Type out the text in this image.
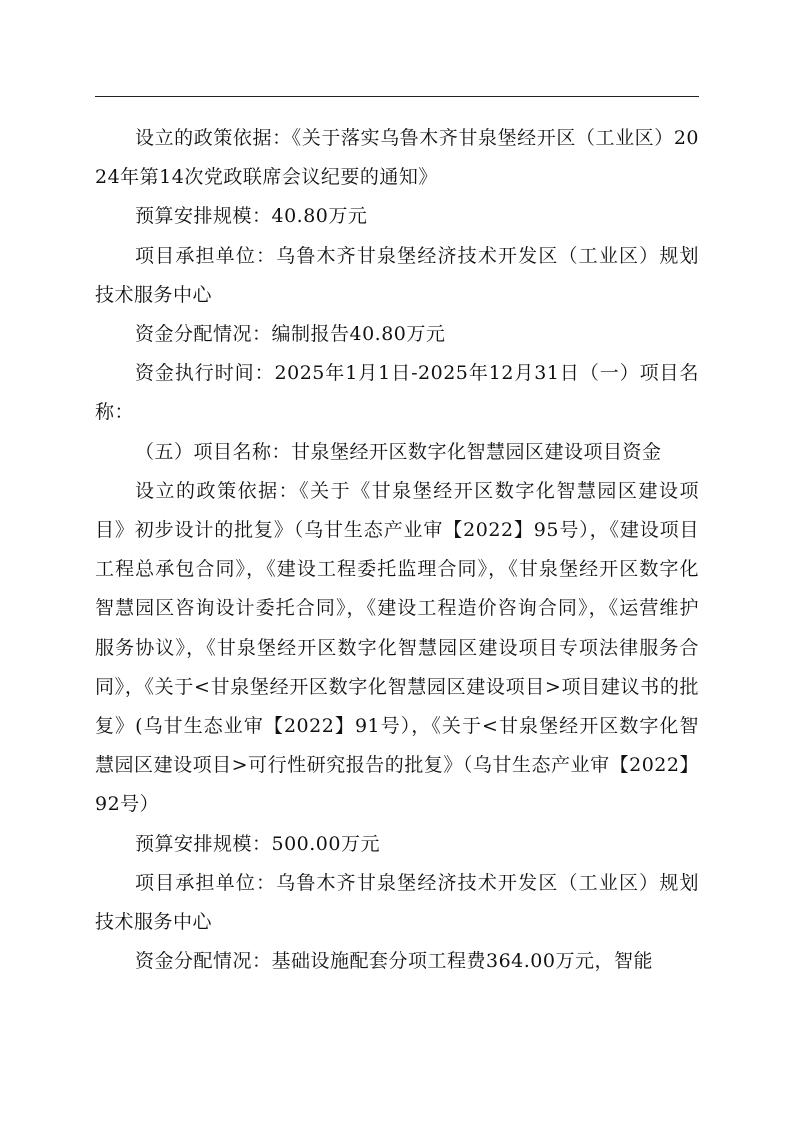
设立的政策依据：《关于落实乌鲁木齐甘泉堡经开区（工业区）2024年第14次党政联席会议纪要的通知》

预算安排规模：40.80万元

项目承担单位：乌鲁木齐甘泉堡经济技术开发区（工业区）规划技术服务中心

资金分配情况：编制报告40.80万元

资金执行时间：2025年1月1日-2025年12月31日（一）项目名称：

（五）项目名称：甘泉堡经开区数字化智慧园区建设项目资金

设立的政策依据：《关于《甘泉堡经开区数字化智慧园区建设项目》初步设计的批复》（乌甘生态产业审【2022】95号），《建设项目工程总承包合同》，《建设工程委托监理合同》，《甘泉堡经开区数字化智慧园区咨询设计委托合同》，《建设工程造价咨询合同》，《运营维护服务协议》，《甘泉堡经开区数字化智慧园区建设项目专项法律服务合同》，《关于<甘泉堡经开区数字化智慧园区建设项目>项目建议书的批复》(乌甘生态业审【2022】91号），《关于<甘泉堡经开区数字化智慧园区建设项目>可行性研究报告的批复》（乌甘生态产业审【2022】92号）

预算安排规模：500.00万元

项目承担单位：乌鲁木齐甘泉堡经济技术开发区（工业区）规划技术服务中心

资金分配情况：基础设施配套分项工程费364.00万元，智能
